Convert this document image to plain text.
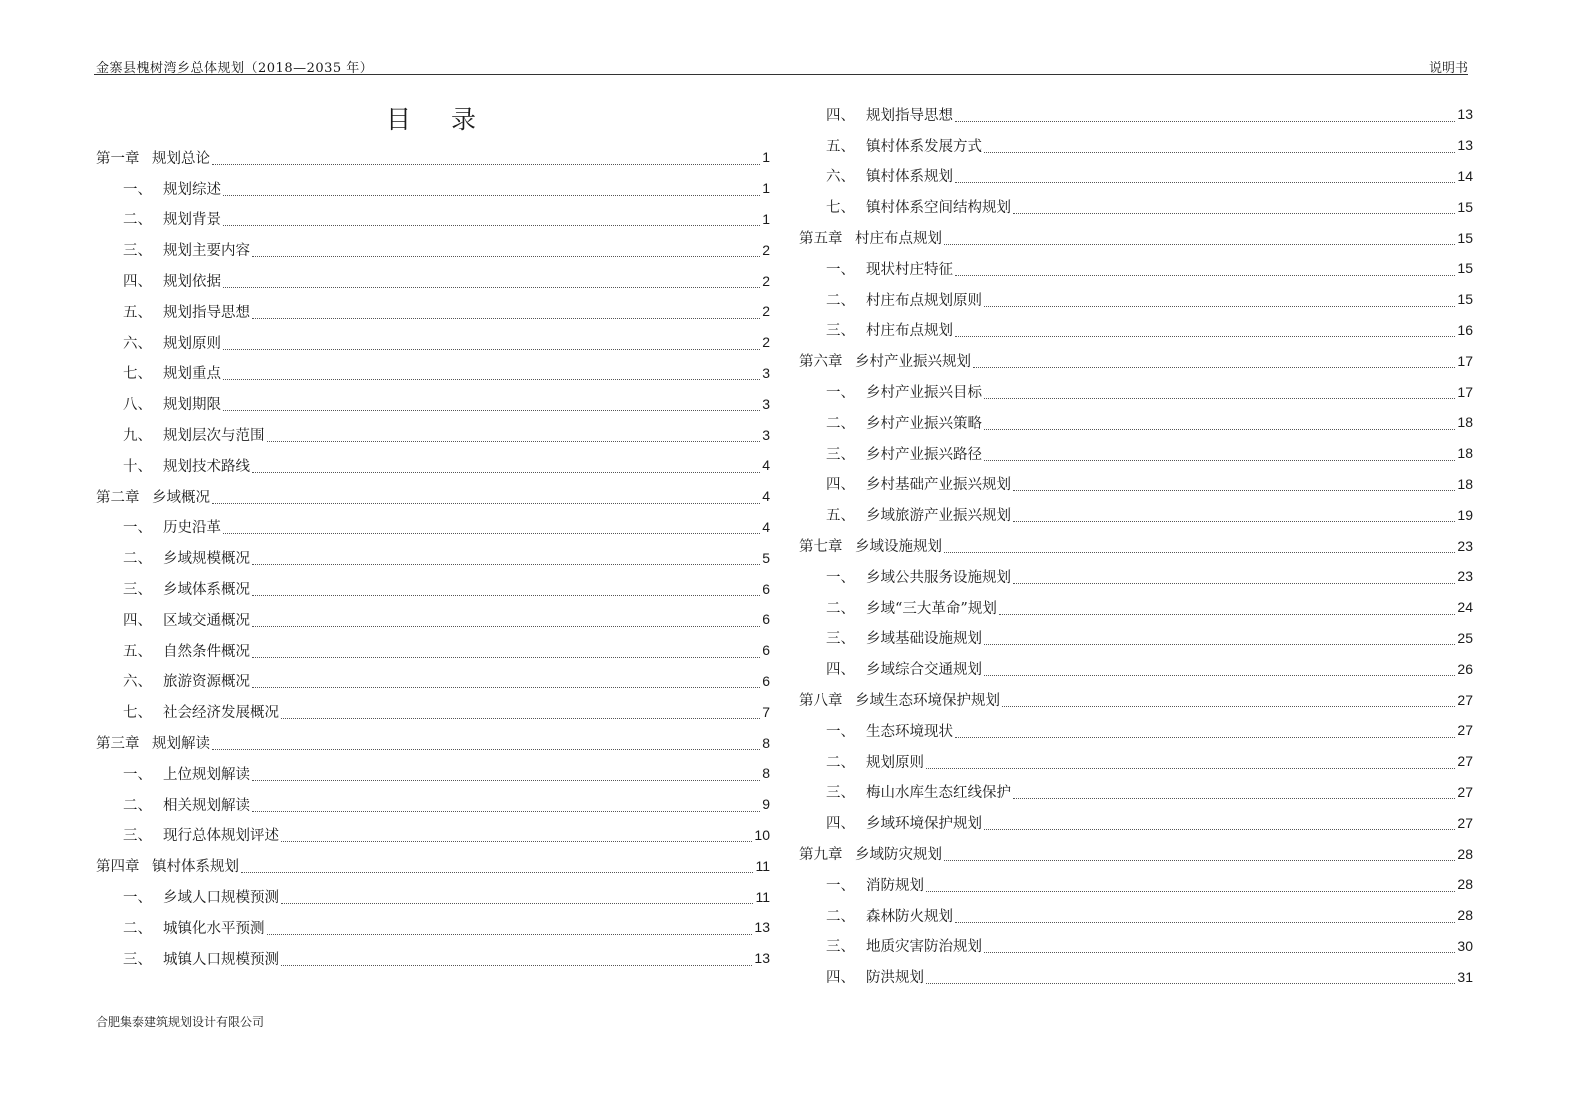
金寨县槐树湾乡总体规划（2018—2035 年）	说明书
目录
第一章 规划总论	1
一、 规划综述	1
二、 规划背景	1
三、 规划主要内容	2
四、 规划依据	2
五、 规划指导思想	2
六、 规划原则	2
七、 规划重点	3
八、 规划期限	3
九、 规划层次与范围	3
十、 规划技术路线	4
第二章 乡域概况	4
一、 历史沿革	4
二、 乡域规模概况	5
三、 乡域体系概况	6
四、 区域交通概况	6
五、 自然条件概况	6
六、 旅游资源概况	6
七、 社会经济发展概况	7
第三章 规划解读	8
一、 上位规划解读	8
二、 相关规划解读	9
三、 现行总体规划评述	10
第四章 镇村体系规划	11
一、 乡域人口规模预测	11
二、 城镇化水平预测	13
三、 城镇人口规模预测	13
四、 规划指导思想	13
五、 镇村体系发展方式	13
六、 镇村体系规划	14
七、 镇村体系空间结构规划	15
第五章 村庄布点规划	15
一、 现状村庄特征	15
二、 村庄布点规划原则	15
三、 村庄布点规划	16
第六章 乡村产业振兴规划	17
一、 乡村产业振兴目标	17
二、 乡村产业振兴策略	18
三、 乡村产业振兴路径	18
四、 乡村基础产业振兴规划	18
五、 乡域旅游产业振兴规划	19
第七章 乡域设施规划	23
一、 乡域公共服务设施规划	23
二、 乡域“三大革命”规划	24
三、 乡域基础设施规划	25
四、 乡域综合交通规划	26
第八章 乡域生态环境保护规划	27
一、 生态环境现状	27
二、 规划原则	27
三、 梅山水库生态红线保护	27
四、 乡域环境保护规划	27
第九章 乡域防灾规划	28
一、 消防规划	28
二、 森林防火规划	28
三、 地质灾害防治规划	30
四、 防洪规划	31
合肥集泰建筑规划设计有限公司
